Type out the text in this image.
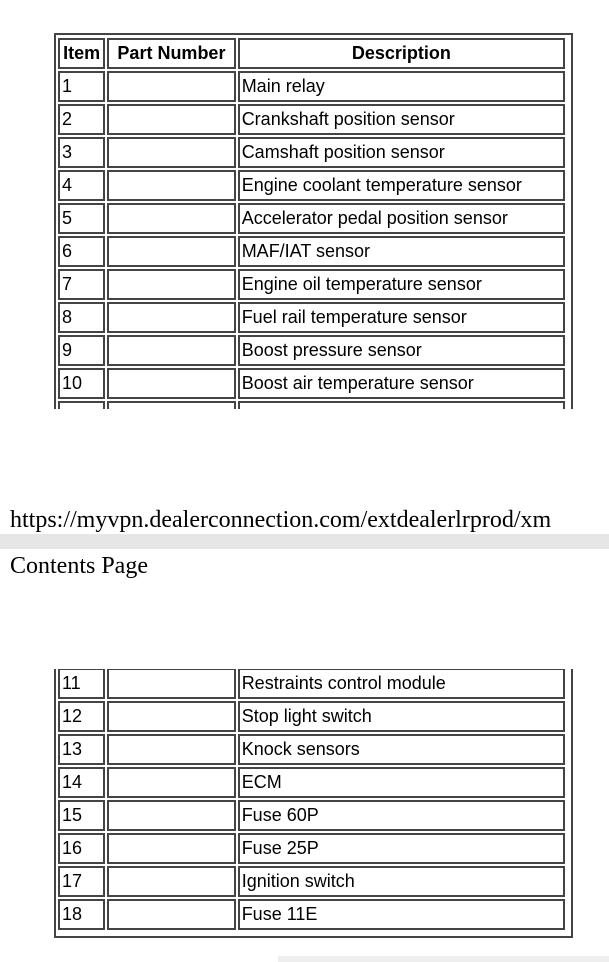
Item	Part Number	Description
1		Main relay
2		Crankshaft position sensor
3		Camshaft position sensor
4		Engine coolant temperature sensor
5		Accelerator pedal position sensor
6		MAF/IAT sensor
7		Engine oil temperature sensor
8		Fuel rail temperature sensor
9		Boost pressure sensor
10		Boost air temperature sensor

https://myvpn.dealerconnection.com/extdealerlrprod/xm
Contents Page
11		Restraints control module
12		Stop light switch
13		Knock sensors
14		ECM
15		Fuse 60P
16		Fuse 25P
17		Ignition switch
18		Fuse 11E
